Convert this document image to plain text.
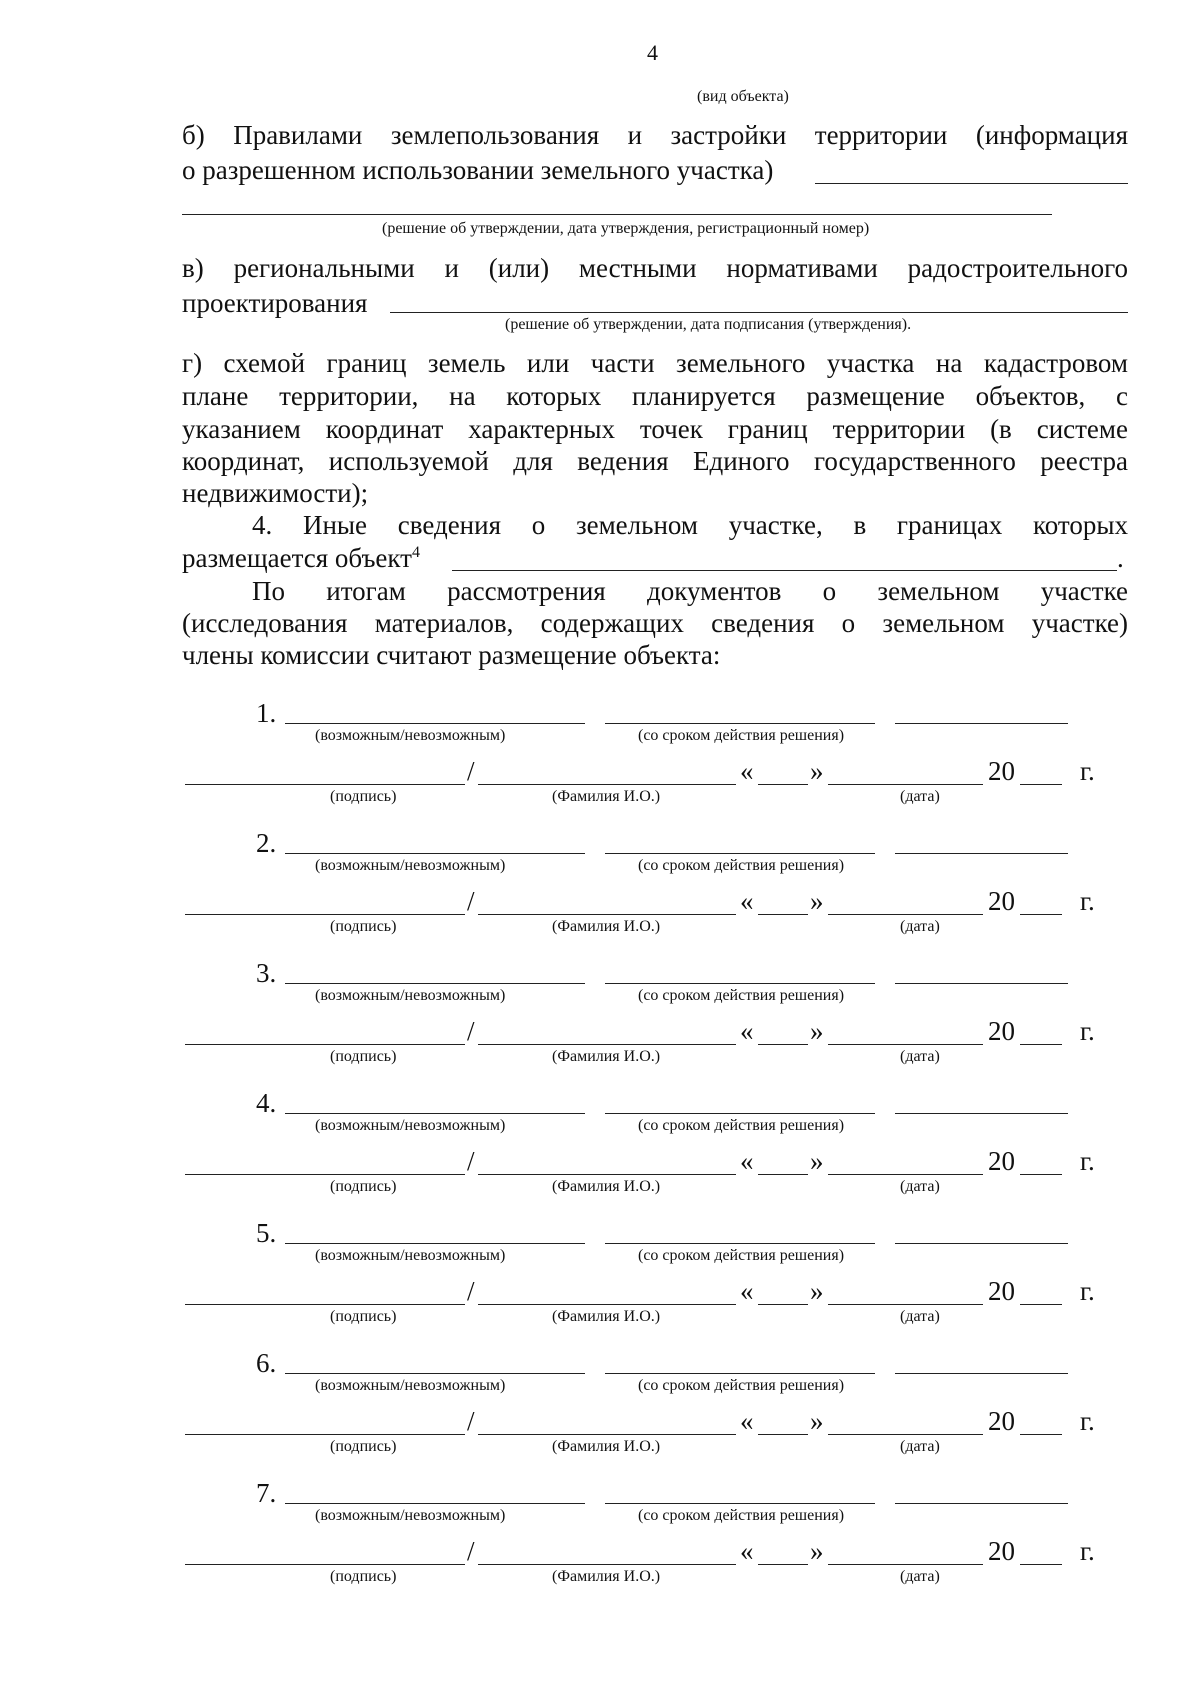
4
(вид объекта)
б) Правилами землепользования и застройки территории (информация
о разрешенном использовании земельного участка)
(решение об утверждении, дата утверждения, регистрационный номер)
в) региональными и (или) местными нормативами радостроительного
проектирования
(решение об утверждении, дата подписания (утверждения).
г) схемой границ земель или части земельного участка на кадастровом
плане территории, на которых планируется размещение объектов, с
указанием координат характерных точек границ территории (в системе
координат, используемой для ведения Единого государственного реестра
недвижимости);
4. Иные сведения о земельном участке, в границах которых
размещается объект$^4$	.
По итогам рассмотрения документов о земельном участке
(исследования материалов, содержащих сведения о земельном участке)
члены комиссии считают размещение объекта:
1.
(возможным/невозможным)	(со сроком действия решения)
/	« »	20 г.
(подпись)	(Фамилия И.О.)	(дата)
2.
(возможным/невозможным)	(со сроком действия решения)
/	« »	20 г.
(подпись)	(Фамилия И.О.)	(дата)
3.
(возможным/невозможным)	(со сроком действия решения)
/	« »	20 г.
(подпись)	(Фамилия И.О.)	(дата)
4.
(возможным/невозможным)	(со сроком действия решения)
/	« »	20 г.
(подпись)	(Фамилия И.О.)	(дата)
5.
(возможным/невозможным)	(со сроком действия решения)
/	« »	20 г.
(подпись)	(Фамилия И.О.)	(дата)
6.
(возможным/невозможным)	(со сроком действия решения)
/	« »	20 г.
(подпись)	(Фамилия И.О.)	(дата)
7.
(возможным/невозможным)	(со сроком действия решения)
/	« »	20 г.
(подпись)	(Фамилия И.О.)	(дата)
